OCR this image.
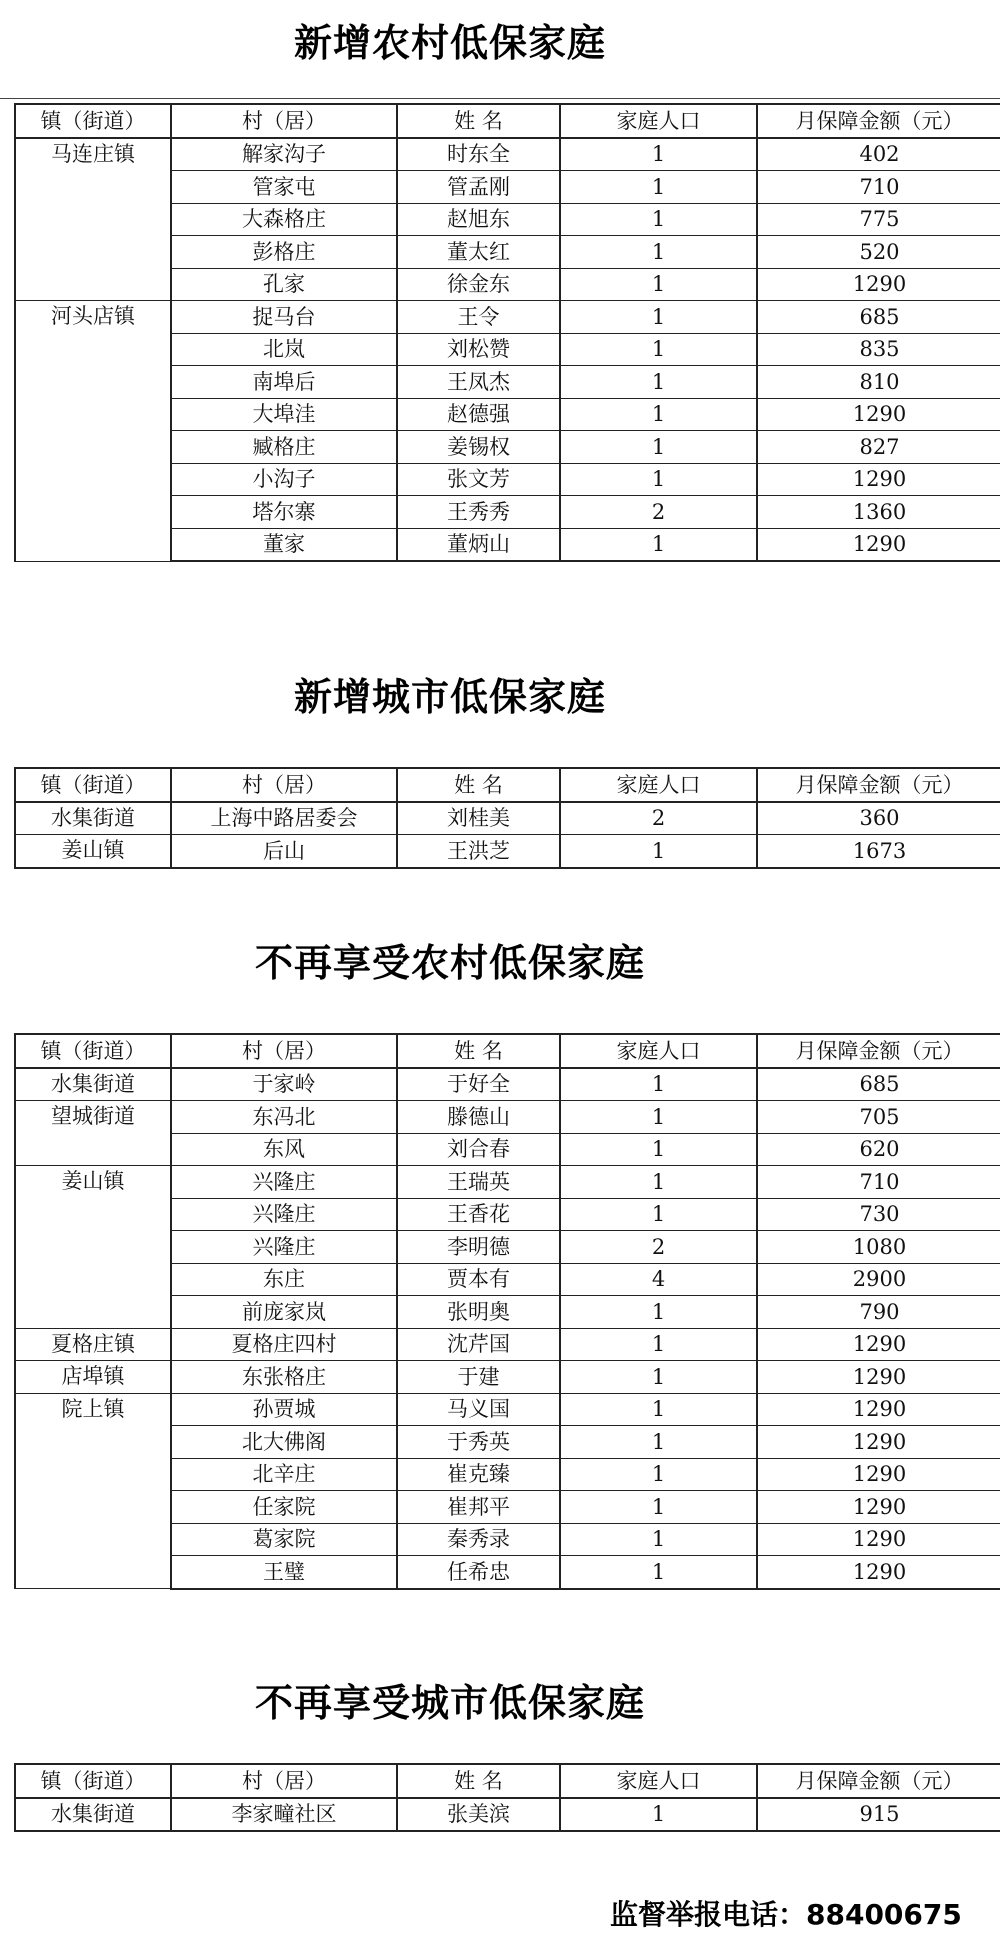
监督举报电话：88400675
新增农村低保家庭
镇（街道）	村（居）	姓 名	家庭人口	月保障金额（元）
马连庄镇	解家沟子	时东全	1	402
	管家屯	管孟刚	1	710
	大森格庄	赵旭东	1	775
	彭格庄	董太红	1	520
	孔家	徐金东	1	1290
河头店镇	捉马台	王令	1	685
	北岚	刘松赞	1	835
	南埠后	王凤杰	1	810
	大埠洼	赵德强	1	1290
	臧格庄	姜锡权	1	827
	小沟子	张文芳	1	1290
	塔尔寨	王秀秀	2	1360
	董家	董炳山	1	1290
新增城市低保家庭
镇（街道）	村（居）	姓 名	家庭人口	月保障金额（元）
水集街道	上海中路居委会	刘桂美	2	360
姜山镇	后山	王洪芝	1	1673
不再享受农村低保家庭
镇（街道）	村（居）	姓 名	家庭人口	月保障金额（元）
水集街道	于家岭	于好全	1	685
望城街道	东冯北	滕德山	1	705
	东风	刘合春	1	620
姜山镇	兴隆庄	王瑞英	1	710
	兴隆庄	王香花	1	730
	兴隆庄	李明德	2	1080
	东庄	贾本有	4	2900
	前庞家岚	张明奥	1	790
夏格庄镇	夏格庄四村	沈芹国	1	1290
店埠镇	东张格庄	于建	1	1290
院上镇	孙贾城	马义国	1	1290
	北大佛阁	于秀英	1	1290
	北辛庄	崔克臻	1	1290
	任家院	崔邦平	1	1290
	葛家院	秦秀录	1	1290
	王璧	任希忠	1	1290
不再享受城市低保家庭
镇（街道）	村（居）	姓 名	家庭人口	月保障金额（元）
水集街道	李家疃社区	张美滨	1	915
